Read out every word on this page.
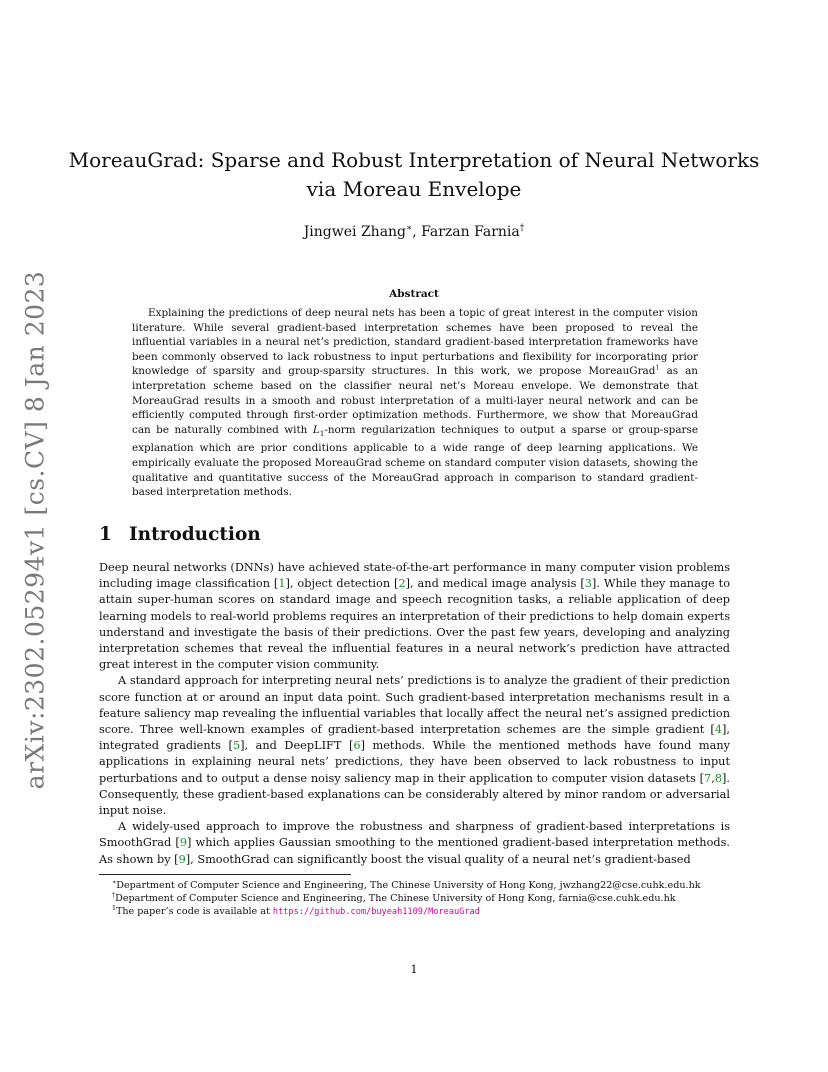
arXiv:2302.05294v1 [cs.CV] 8 Jan 2023
MoreauGrad: Sparse and Robust Interpretation of Neural Networks
via Moreau Envelope
Jingwei Zhang∗, Farzan Farnia†
Abstract

Explaining the predictions of deep neural nets has been a topic of great interest in the computer vision literature. While several gradient-based interpretation schemes have been proposed to reveal the influential variables in a neural net’s prediction, standard gradient-based interpretation frameworks have been commonly observed to lack robustness to input perturbations and flexibility for incorporating prior knowledge of sparsity and group-sparsity structures. In this work, we propose MoreauGrad$^1$ as an interpretation scheme based on the classifier neural net’s Moreau envelope. We demonstrate that MoreauGrad results in a smooth and robust interpretation of a multi-layer neural network and can be efficiently computed through first-order optimization methods. Furthermore, we show that MoreauGrad can be naturally combined with $L_1$-norm regularization techniques to output a sparse or group-sparse explanation which are prior conditions applicable to a wide range of deep learning applications. We empirically evaluate the proposed MoreauGrad scheme on standard computer vision datasets, showing the qualitative and quantitative success of the MoreauGrad approach in comparison to standard gradient-based interpretation methods.

1 Introduction

Deep neural networks (DNNs) have achieved state-of-the-art performance in many computer vision problems including image classification [1], object detection [2], and medical image analysis [3]. While they manage to attain super-human scores on standard image and speech recognition tasks, a reliable application of deep learning models to real-world problems requires an interpretation of their predictions to help domain experts understand and investigate the basis of their predictions. Over the past few years, developing and analyzing interpretation schemes that reveal the influential features in a neural network’s prediction have attracted great interest in the computer vision community.

A standard approach for interpreting neural nets’ predictions is to analyze the gradient of their prediction score function at or around an input data point. Such gradient-based interpretation mechanisms result in a feature saliency map revealing the influential variables that locally affect the neural net’s assigned prediction score. Three well-known examples of gradient-based interpretation schemes are the simple gradient [4], integrated gradients [5], and DeepLIFT [6] methods. While the mentioned methods have found many applications in explaining neural nets’ predictions, they have been observed to lack robustness to input perturbations and to output a dense noisy saliency map in their application to computer vision datasets [7,8]. Consequently, these gradient-based explanations can be considerably altered by minor random or adversarial input noise.

A widely-used approach to improve the robustness and sharpness of gradient-based interpretations is SmoothGrad [9] which applies Gaussian smoothing to the mentioned gradient-based interpretation methods. As shown by [9], SmoothGrad can significantly boost the visual quality of a neural net’s gradient-based

∗Department of Computer Science and Engineering, The Chinese University of Hong Kong, jwzhang22@cse.cuhk.edu.hk
†Department of Computer Science and Engineering, The Chinese University of Hong Kong, farnia@cse.cuhk.edu.hk
$^1$The paper’s code is available at https://github.com/buyeah1109/MoreauGrad
1
